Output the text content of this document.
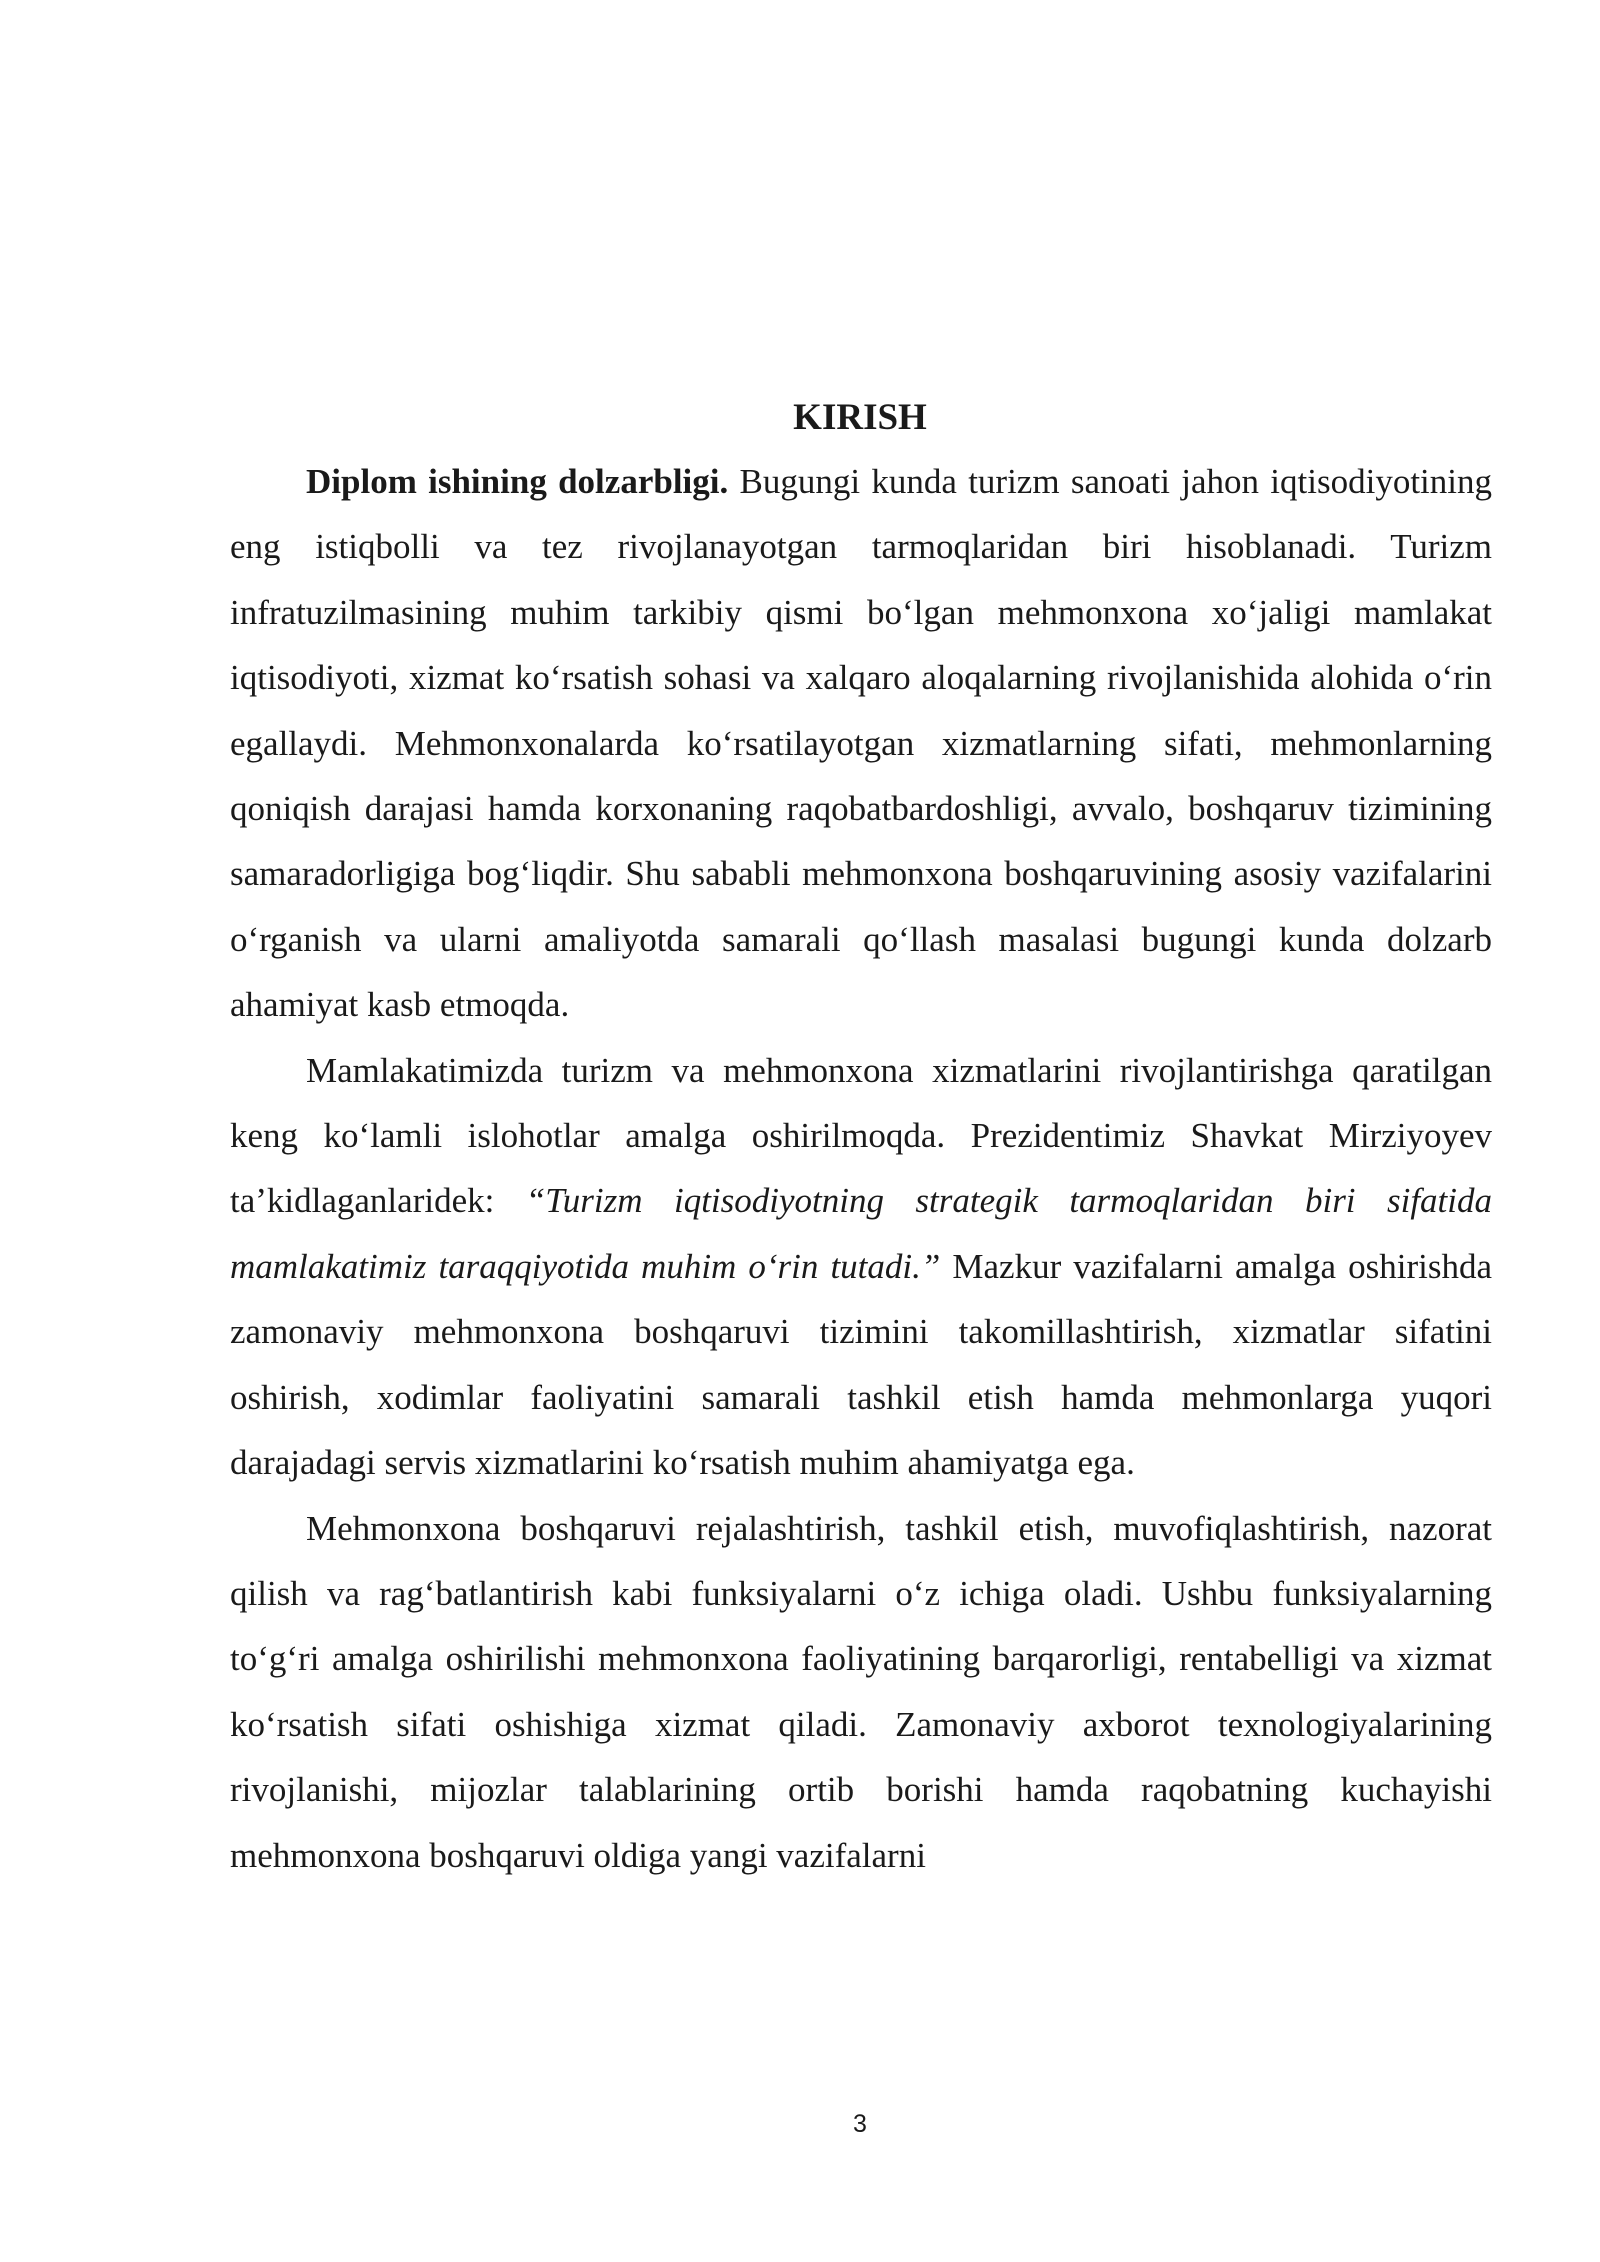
KIRISH

Diplom ishining dolzarbligi. Bugungi kunda turizm sanoati jahon iqtisodiyotining eng istiqbolli va tez rivojlanayotgan tarmoqlaridan biri hisoblanadi. Turizm infratuzilmasining muhim tarkibiy qismi bo‘lgan mehmonxona xo‘jaligi mamlakat iqtisodiyoti, xizmat ko‘rsatish sohasi va xalqaro aloqalarning rivojlanishida alohida o‘rin egallaydi. Mehmonxonalarda ko‘rsatilayotgan xizmatlarning sifati, mehmonlarning qoniqish darajasi hamda korxonaning raqobatbardoshligi, avvalo, boshqaruv tizimining samaradorligiga bog‘liqdir. Shu sababli mehmonxona boshqaruvining asosiy vazifalarini o‘rganish va ularni amaliyotda samarali qo‘llash masalasi bugungi kunda dolzarb ahamiyat kasb etmoqda.

Mamlakatimizda turizm va mehmonxona xizmatlarini rivojlantirishga qaratilgan keng ko‘lamli islohotlar amalga oshirilmoqda. Prezidentimiz Shavkat Mirziyoyev ta’kidlaganlaridek: “Turizm iqtisodiyotning strategik tarmoqlaridan biri sifatida mamlakatimiz taraqqiyotida muhim o‘rin tutadi.” Mazkur vazifalarni amalga oshirishda zamonaviy mehmonxona boshqaruvi tizimini takomillashtirish, xizmatlar sifatini oshirish, xodimlar faoliyatini samarali tashkil etish hamda mehmonlarga yuqori darajadagi servis xizmatlarini ko‘rsatish muhim ahamiyatga ega.

Mehmonxona boshqaruvi rejalashtirish, tashkil etish, muvofiqlashtirish, nazorat qilish va rag‘batlantirish kabi funksiyalarni o‘z ichiga oladi. Ushbu funksiyalarning to‘g‘ri amalga oshirilishi mehmonxona faoliyatining barqarorligi, rentabelligi va xizmat ko‘rsatish sifati oshishiga xizmat qiladi. Zamonaviy axborot texnologiyalarining rivojlanishi, mijozlar talablarining ortib borishi hamda raqobatning kuchayishi mehmonxona boshqaruvi oldiga yangi vazifalarni

3
